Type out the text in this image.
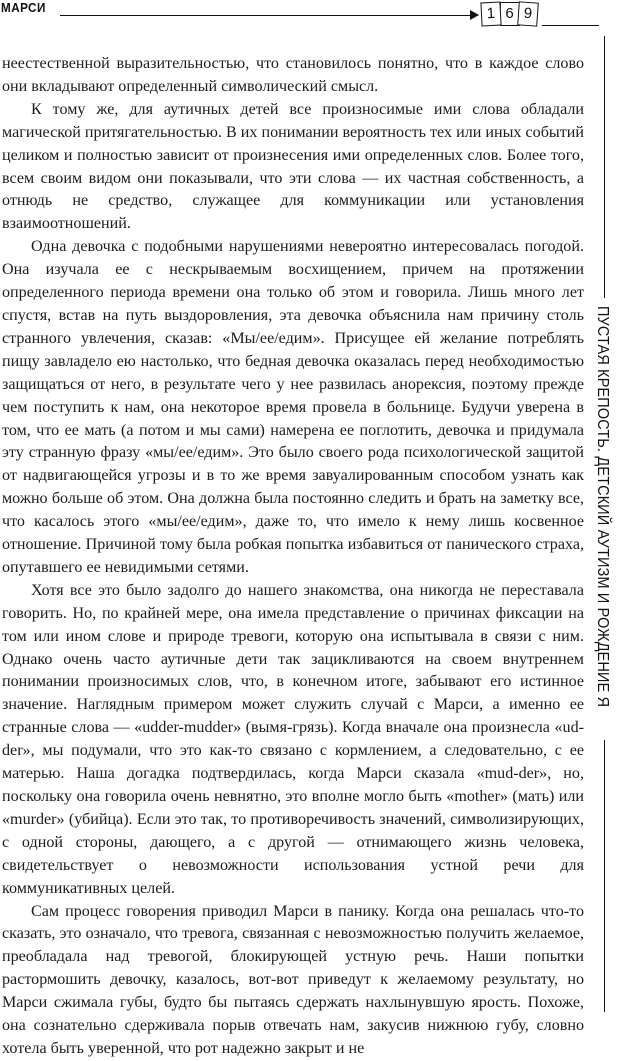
МАРСИ	1 6 9
ПУСТАЯ КРЕПОСТЬ. ДЕТСКИЙ АУТИЗМ И РОЖДЕНИЕ Я

неестественной выразительностью, что становилось понятно, что в каждое слово они вкладывают определенный символический смысл.

К тому же, для аутичных детей все произносимые ими слова обладали магической притягательностью. В их понимании вероятность тех или иных событий целиком и полностью зависит от произнесения ими определенных слов. Более того, всем своим видом они показывали, что эти слова — их частная собственность, а отнюдь не средство, служащее для коммуникации или установления взаимоотношений.

Одна девочка с подобными нарушениями невероятно интересовалась погодой. Она изучала ее с нескрываемым восхищением, причем на протяжении определенного периода времени она только об этом и говорила. Лишь много лет спустя, встав на путь выздоровления, эта девочка объяснила нам причину столь странного увлечения, сказав: «Мы/ее/едим». Присущее ей желание потреблять пищу завладело ею настолько, что бедная девочка оказалась перед необходимостью защищаться от него, в результате чего у нее развилась анорексия, поэтому прежде чем поступить к нам, она некоторое время провела в больнице. Будучи уверена в том, что ее мать (а потом и мы сами) намерена ее поглотить, девочка и придумала эту странную фразу «мы/ее/едим». Это было своего рода психологической защитой от надвигающейся угрозы и в то же время завуалированным способом узнать как можно больше об этом. Она должна была постоянно следить и брать на заметку все, что касалось этого «мы/ее/едим», даже то, что имело к нему лишь косвенное отношение. Причиной тому была робкая попытка избавиться от панического страха, опутавшего ее невидимыми сетями.

Хотя все это было задолго до нашего знакомства, она никогда не переставала говорить. Но, по крайней мере, она имела представление о причинах фиксации на том или ином слове и природе тревоги, которую она испытывала в связи с ним. Однако очень часто аутичные дети так зацикливаются на своем внутреннем понимании произносимых слов, что, в конечном итоге, забывают его истинное значение. Наглядным примером может служить случай с Марси, а именно ее странные слова — «udder-mudder» (вымя-грязь). Когда вначале она произнесла «ud-der», мы подумали, что это как-то связано с кормлением, а следовательно, с ее матерью. Наша догадка подтвердилась, когда Марси сказала «mud-der», но, поскольку она говорила очень невнятно, это вполне могло быть «mother» (мать) или «murder» (убийца). Если это так, то противоречивость значений, символизирующих, с одной стороны, дающего, а с другой — отнимающего жизнь человека, свидетельствует о невозможности использования устной речи для коммуникативных целей.

Сам процесс говорения приводил Марси в панику. Когда она решалась что-то сказать, это означало, что тревога, связанная с невозможностью получить желаемое, преобладала над тревогой, блокирующей устную речь. Наши попытки растормошить девочку, казалось, вот-вот приведут к желаемому результату, но Марси сжимала губы, будто бы пытаясь сдержать нахлынувшую ярость. Похоже, она сознательно сдерживала порыв отвечать нам, закусив нижнюю губу, словно хотела быть уверенной, что рот надежно закрыт и не
